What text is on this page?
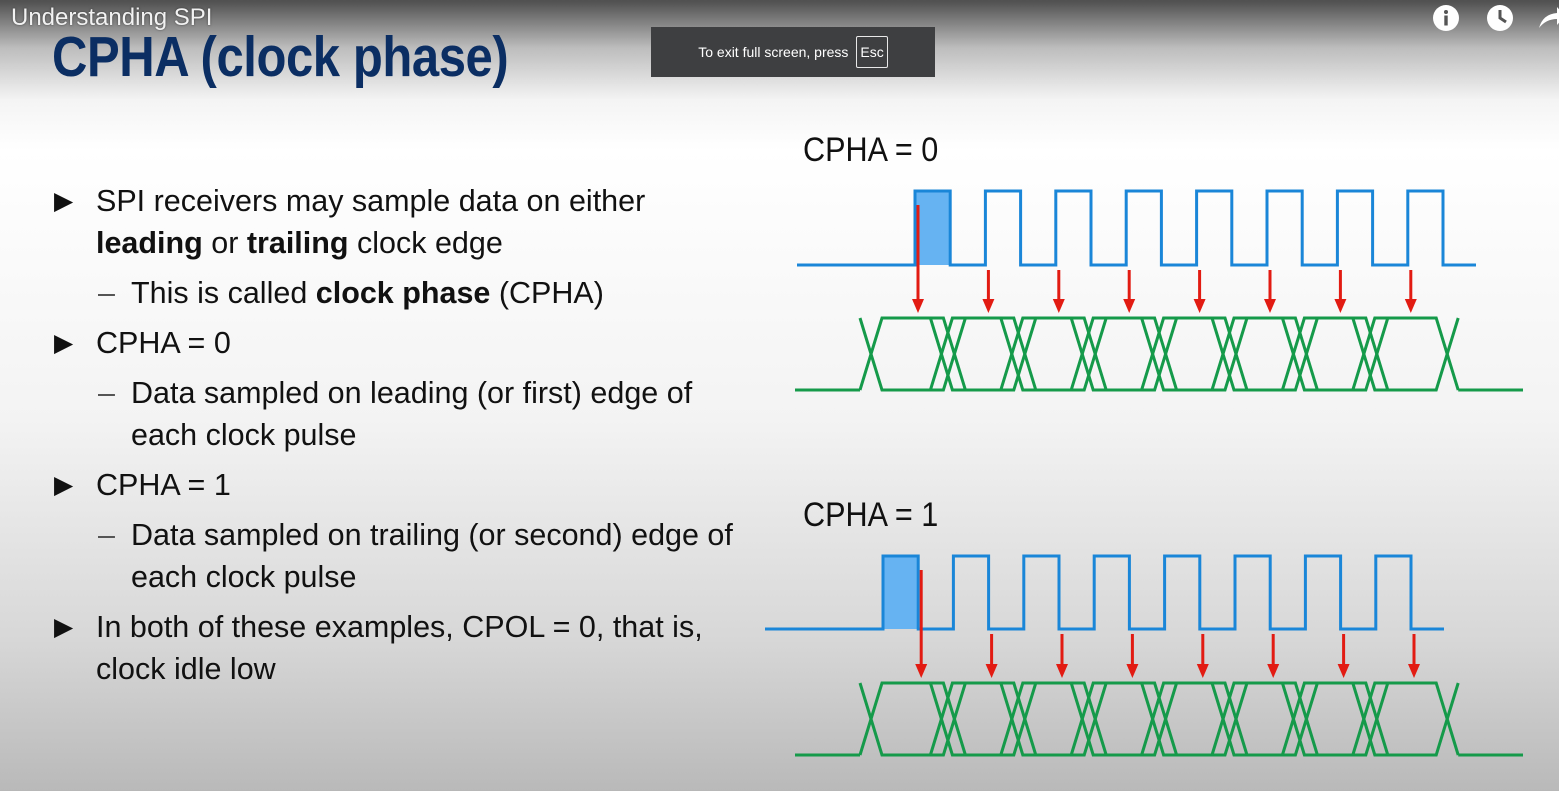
Understanding SPI
CPHA (clock phase)	To exit full screen, press Esc
▶ SPI receivers may sample data on either leading or trailing clock edge
– This is called clock phase (CPHA)
▶ CPHA = 0
– Data sampled on leading (or first) edge of each clock pulse
▶ CPHA = 1
– Data sampled on trailing (or second) edge of each clock pulse
▶ In both of these examples, CPOL = 0, that is, clock idle low
CPHA = 0
CPHA = 1
